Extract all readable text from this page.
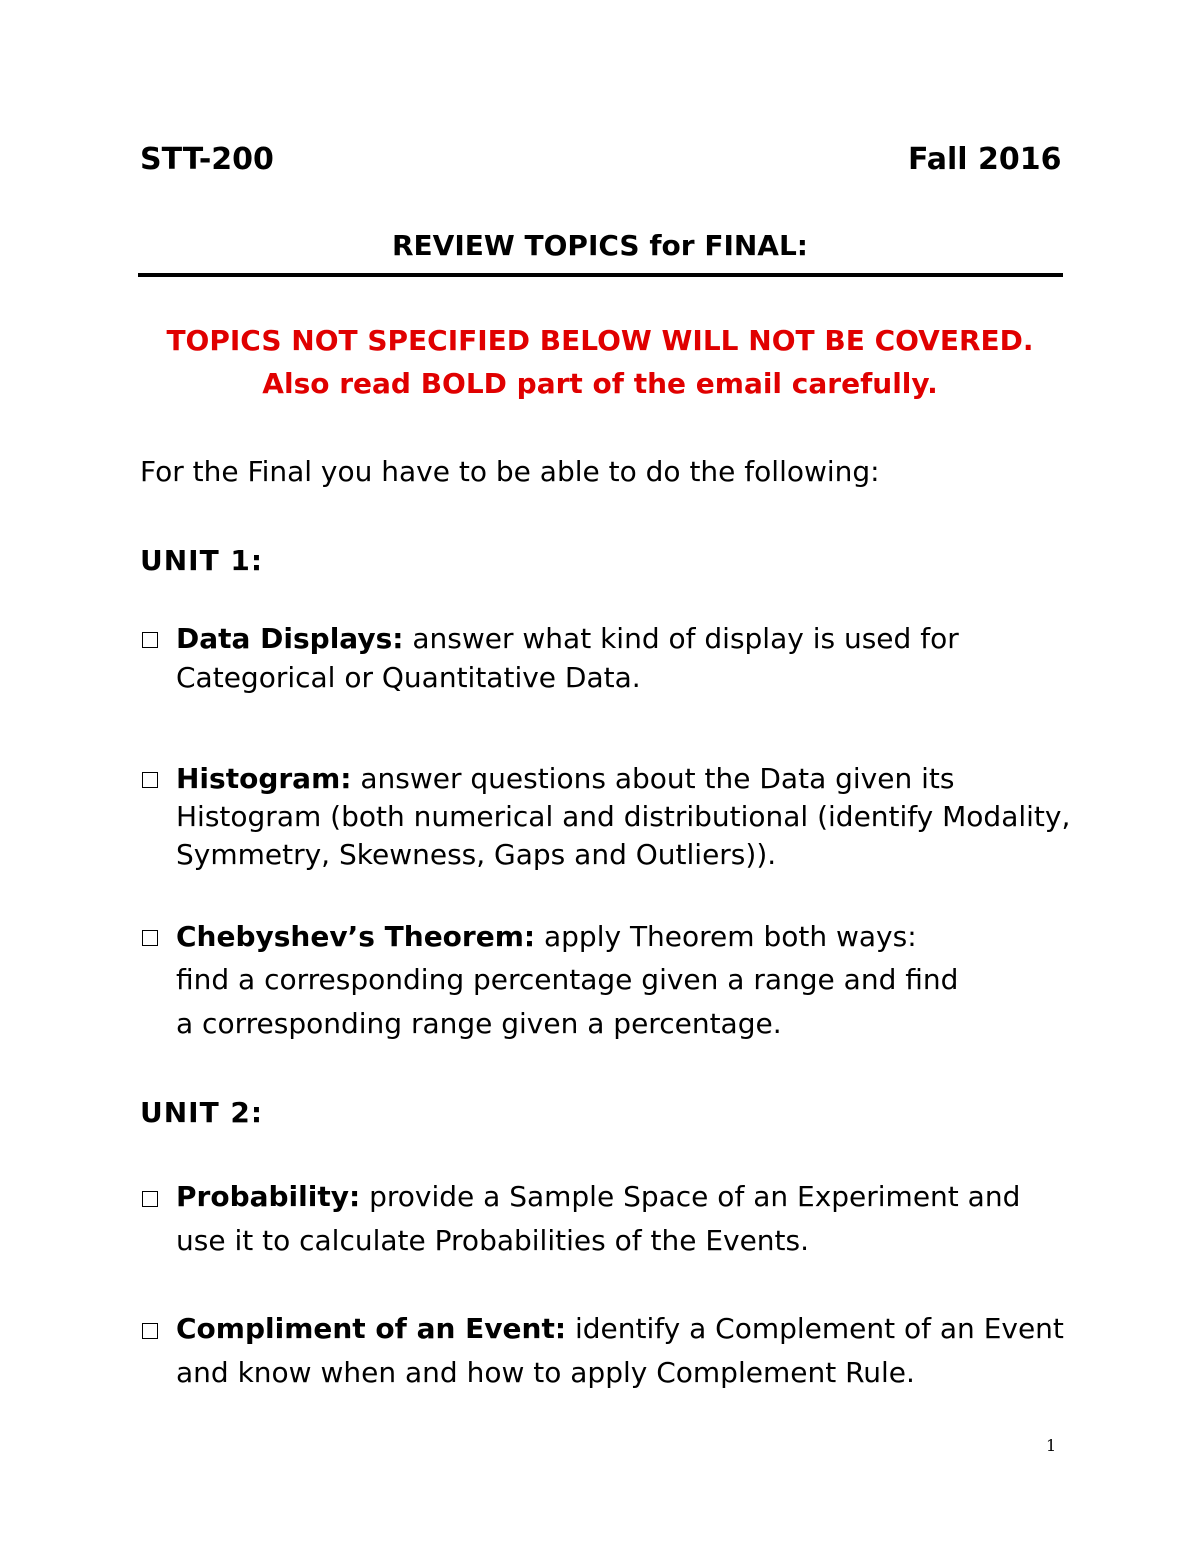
STT-200	Fall 2016
REVIEW TOPICS for FINAL:
TOPICS NOT SPECIFIED BELOW WILL NOT BE COVERED.
Also read BOLD part of the email carefully.
For the Final you have to be able to do the following:
UNIT 1:
Data Displays: answer what kind of display is used for
Categorical or Quantitative Data.
Histogram: answer questions about the Data given its
Histogram (both numerical and distributional (identify Modality,
Symmetry, Skewness, Gaps and Outliers)).
Chebyshev’s Theorem: apply Theorem both ways:
find a corresponding percentage given a range and find
a corresponding range given a percentage.
UNIT 2:
Probability: provide a Sample Space of an Experiment and
use it to calculate Probabilities of the Events.
Compliment of an Event: identify a Complement of an Event
and know when and how to apply Complement Rule.
1
